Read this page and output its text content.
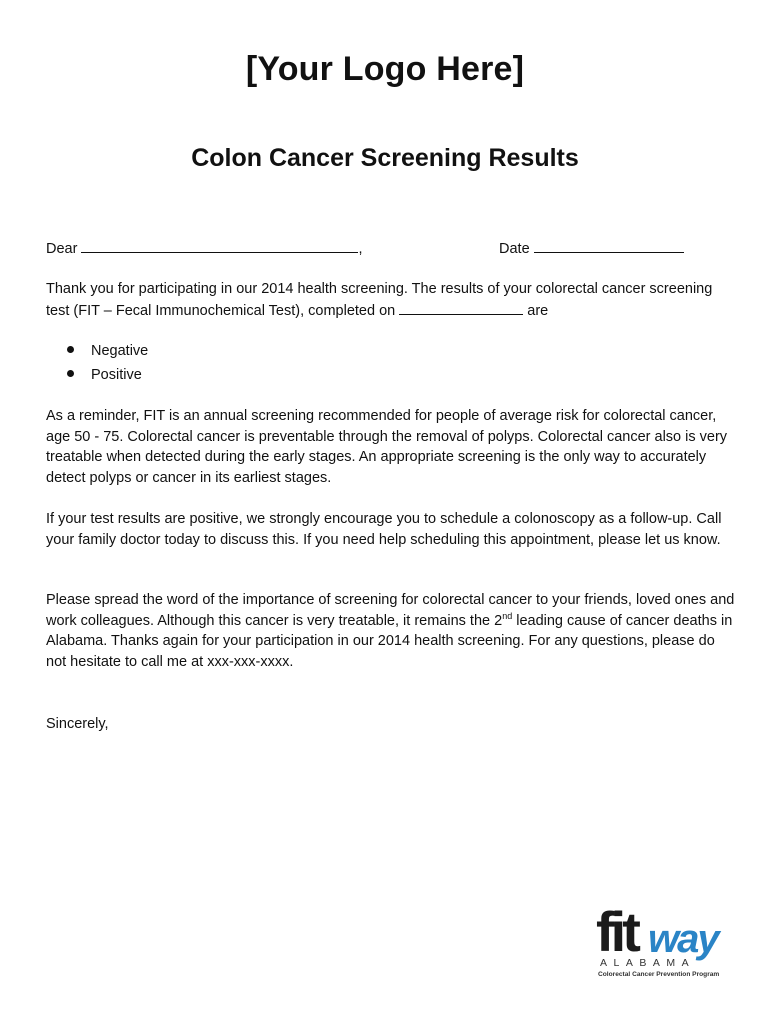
[Your Logo Here]
Colon Cancer Screening Results
Dear	,	Date

Thank you for participating in our 2014 health screening. The results of your colorectal cancer screening test (FIT – Fecal Immunochemical Test), completed on	are

Negative
Positive

As a reminder, FIT is an annual screening recommended for people of average risk for colorectal cancer, age 50 - 75. Colorectal cancer is preventable through the removal of polyps. Colorectal cancer also is very treatable when detected during the early stages. An appropriate screening is the only way to accurately detect polyps or cancer in its earliest stages.

If your test results are positive, we strongly encourage you to schedule a colonoscopy as a follow-up. Call your family doctor today to discuss this. If you need help scheduling this appointment, please let us know.

Please spread the word of the importance of screening for colorectal cancer to your friends, loved ones and work colleagues. Although this cancer is very treatable, it remains the 2nd leading cause of cancer deaths in Alabama. Thanks again for your participation in our 2014 health screening. For any questions, please do not hesitate to call me at xxx-xxx-xxxx.

Sincerely,

fit way
ALABAMA
Colorectal Cancer Prevention Program
